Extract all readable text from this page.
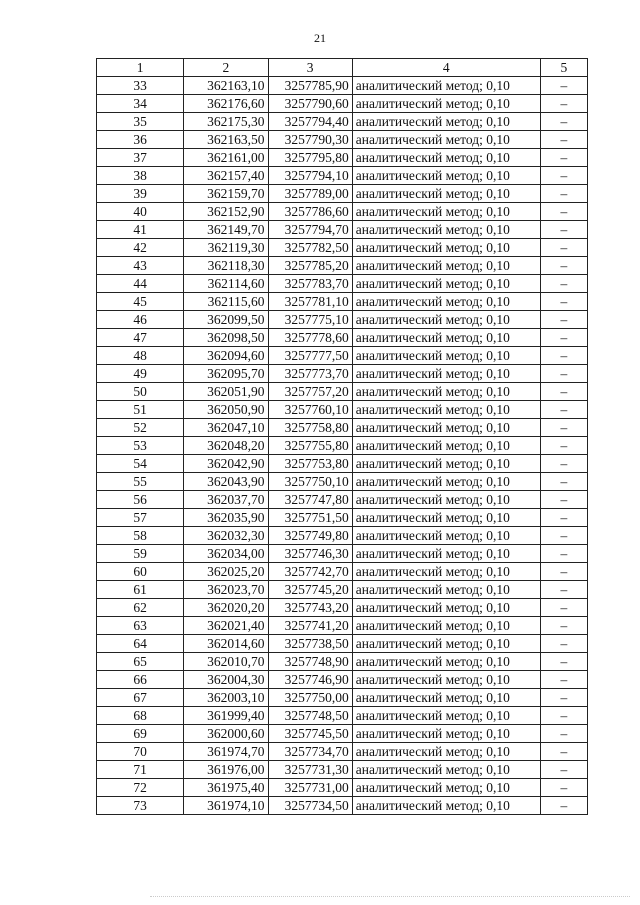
21
1	2	3	4	5
33	362163,10	3257785,90	аналитический метод; 0,10	–
34	362176,60	3257790,60	аналитический метод; 0,10	–
35	362175,30	3257794,40	аналитический метод; 0,10	–
36	362163,50	3257790,30	аналитический метод; 0,10	–
37	362161,00	3257795,80	аналитический метод; 0,10	–
38	362157,40	3257794,10	аналитический метод; 0,10	–
39	362159,70	3257789,00	аналитический метод; 0,10	–
40	362152,90	3257786,60	аналитический метод; 0,10	–
41	362149,70	3257794,70	аналитический метод; 0,10	–
42	362119,30	3257782,50	аналитический метод; 0,10	–
43	362118,30	3257785,20	аналитический метод; 0,10	–
44	362114,60	3257783,70	аналитический метод; 0,10	–
45	362115,60	3257781,10	аналитический метод; 0,10	–
46	362099,50	3257775,10	аналитический метод; 0,10	–
47	362098,50	3257778,60	аналитический метод; 0,10	–
48	362094,60	3257777,50	аналитический метод; 0,10	–
49	362095,70	3257773,70	аналитический метод; 0,10	–
50	362051,90	3257757,20	аналитический метод; 0,10	–
51	362050,90	3257760,10	аналитический метод; 0,10	–
52	362047,10	3257758,80	аналитический метод; 0,10	–
53	362048,20	3257755,80	аналитический метод; 0,10	–
54	362042,90	3257753,80	аналитический метод; 0,10	–
55	362043,90	3257750,10	аналитический метод; 0,10	–
56	362037,70	3257747,80	аналитический метод; 0,10	–
57	362035,90	3257751,50	аналитический метод; 0,10	–
58	362032,30	3257749,80	аналитический метод; 0,10	–
59	362034,00	3257746,30	аналитический метод; 0,10	–
60	362025,20	3257742,70	аналитический метод; 0,10	–
61	362023,70	3257745,20	аналитический метод; 0,10	–
62	362020,20	3257743,20	аналитический метод; 0,10	–
63	362021,40	3257741,20	аналитический метод; 0,10	–
64	362014,60	3257738,50	аналитический метод; 0,10	–
65	362010,70	3257748,90	аналитический метод; 0,10	–
66	362004,30	3257746,90	аналитический метод; 0,10	–
67	362003,10	3257750,00	аналитический метод; 0,10	–
68	361999,40	3257748,50	аналитический метод; 0,10	–
69	362000,60	3257745,50	аналитический метод; 0,10	–
70	361974,70	3257734,70	аналитический метод; 0,10	–
71	361976,00	3257731,30	аналитический метод; 0,10	–
72	361975,40	3257731,00	аналитический метод; 0,10	–
73	361974,10	3257734,50	аналитический метод; 0,10	–
